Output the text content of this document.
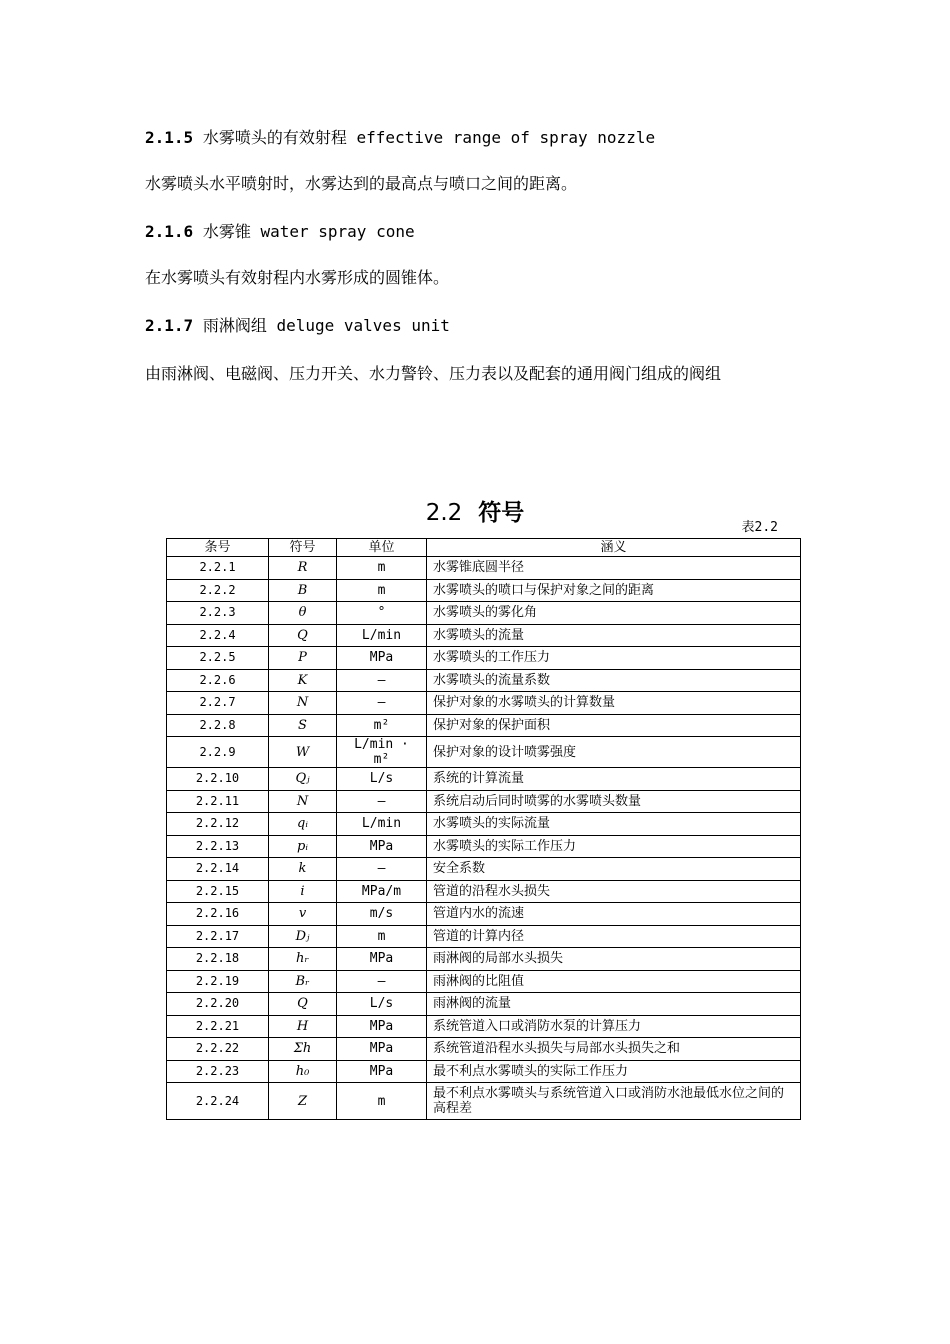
2.1.5 水雾喷头的有效射程 effective range of spray nozzle
水雾喷头水平喷射时，水雾达到的最高点与喷口之间的距离。
2.1.6 水雾锥 water spray cone
在水雾喷头有效射程内水雾形成的圆锥体。
2.1.7 雨淋阀组 deluge valves unit
由雨淋阀、电磁阀、压力开关、水力警铃、压力表以及配套的通用阀门组成的阀组
2.2 符号
表2.2
条号	符号	单位	涵义
2.2.1	R	m	水雾锥底圆半径
2.2.2	B	m	水雾喷头的喷口与保护对象之间的距离
2.2.3	θ	°	水雾喷头的雾化角
2.2.4	Q	L/min	水雾喷头的流量
2.2.5	P	MPa	水雾喷头的工作压力
2.2.6	K	—	水雾喷头的流量系数
2.2.7	N	—	保护对象的水雾喷头的计算数量
2.2.8	S	m²	保护对象的保护面积
2.2.9	W	L/min · m²	保护对象的设计喷雾强度
2.2.10	Qⱼ	L/s	系统的计算流量
2.2.11	N	—	系统启动后同时喷雾的水雾喷头数量
2.2.12	qᵢ	L/min	水雾喷头的实际流量
2.2.13	pᵢ	MPa	水雾喷头的实际工作压力
2.2.14	k	—	安全系数
2.2.15	i	MPa/m	管道的沿程水头损失
2.2.16	v	m/s	管道内水的流速
2.2.17	Dⱼ	m	管道的计算内径
2.2.18	hᵣ	MPa	雨淋阀的局部水头损失
2.2.19	Bᵣ	—	雨淋阀的比阻值
2.2.20	Q	L/s	雨淋阀的流量
2.2.21	H	MPa	系统管道入口或消防水泵的计算压力
2.2.22	Σh	MPa	系统管道沿程水头损失与局部水头损失之和
2.2.23	h₀	MPa	最不利点水雾喷头的实际工作压力
2.2.24	Z	m	最不利点水雾喷头与系统管道入口或消防水池最低水位之间的高程差
